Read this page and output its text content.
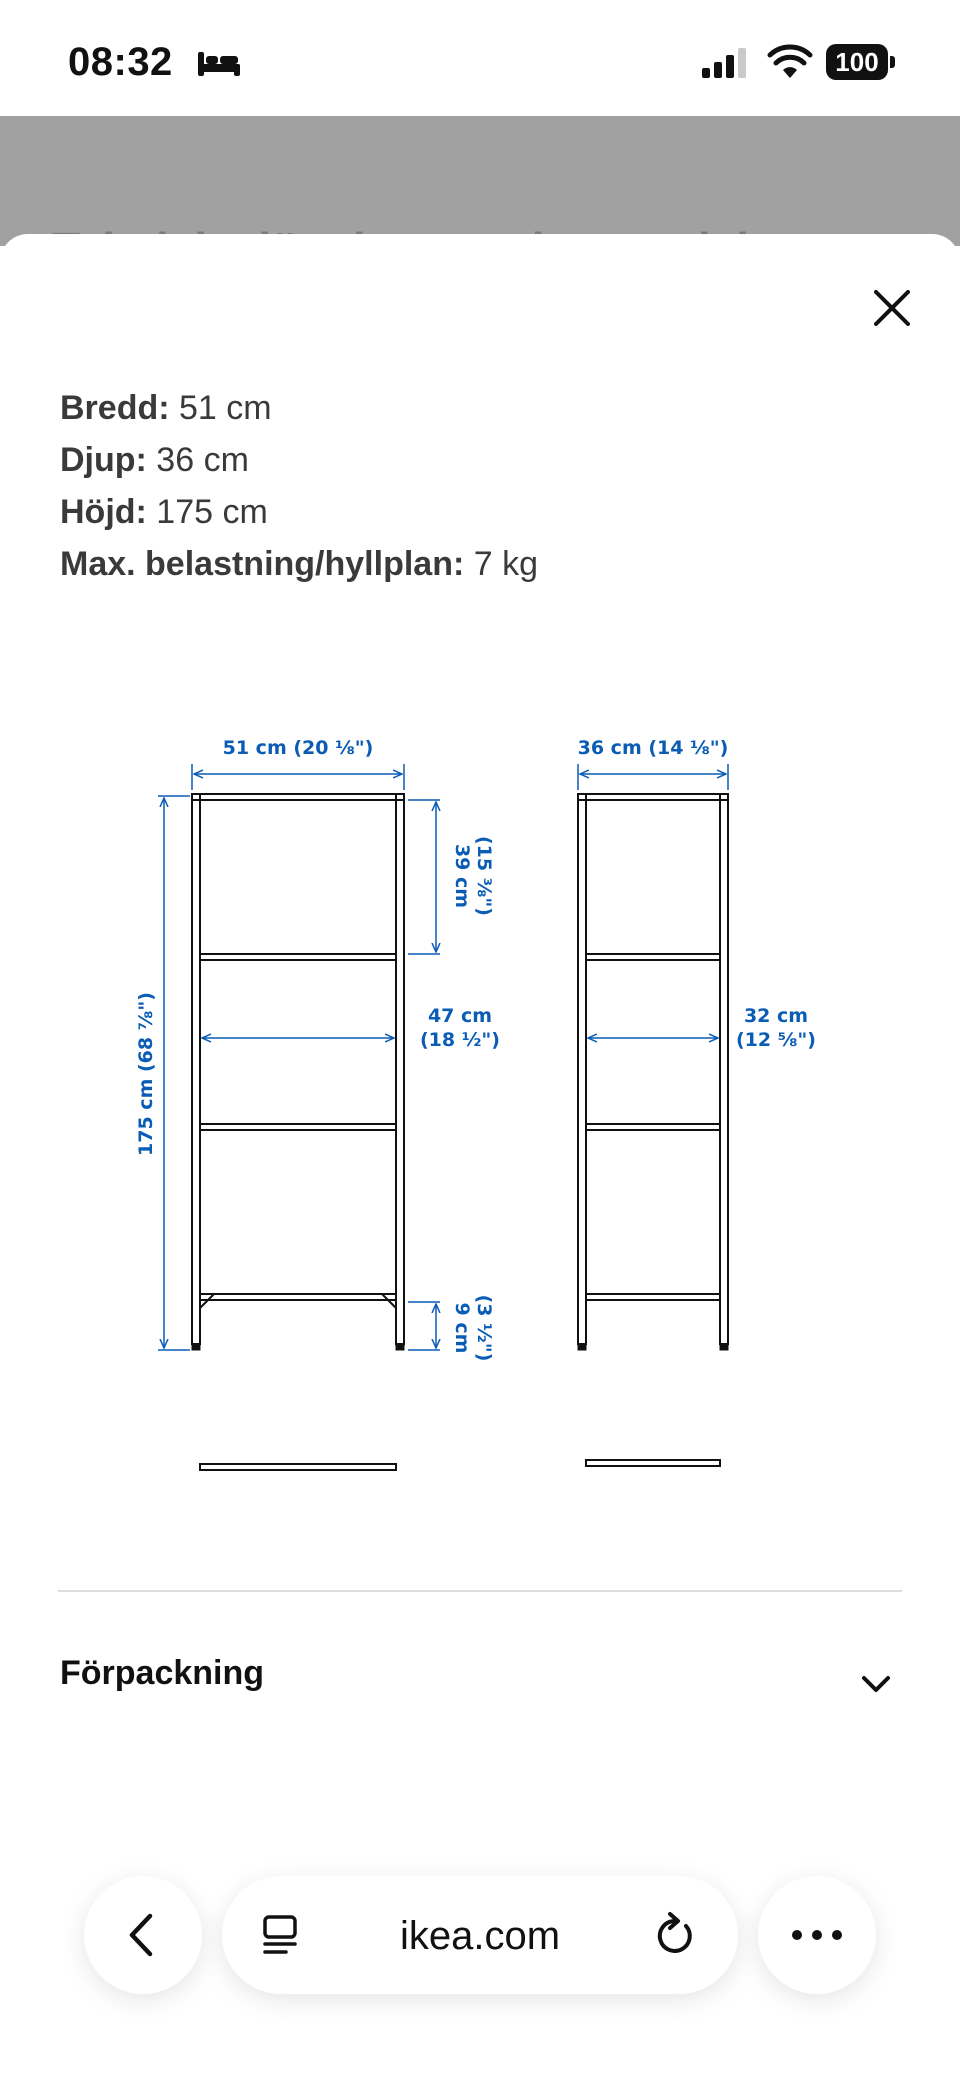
08:32	100
Bredd: 51 cm
Djup: 36 cm
Höjd: 175 cm
Max. belastning/hyllplan: 7 kg
51 cm (20 ⅛")	36 cm (14 ⅛")
175 cm (68 ⅞")
39 cm (15 ⅜")
47 cm
(18 ½")
9 cm (3 ½")
32 cm
(12 ⅝")
Förpackning
ikea.com
